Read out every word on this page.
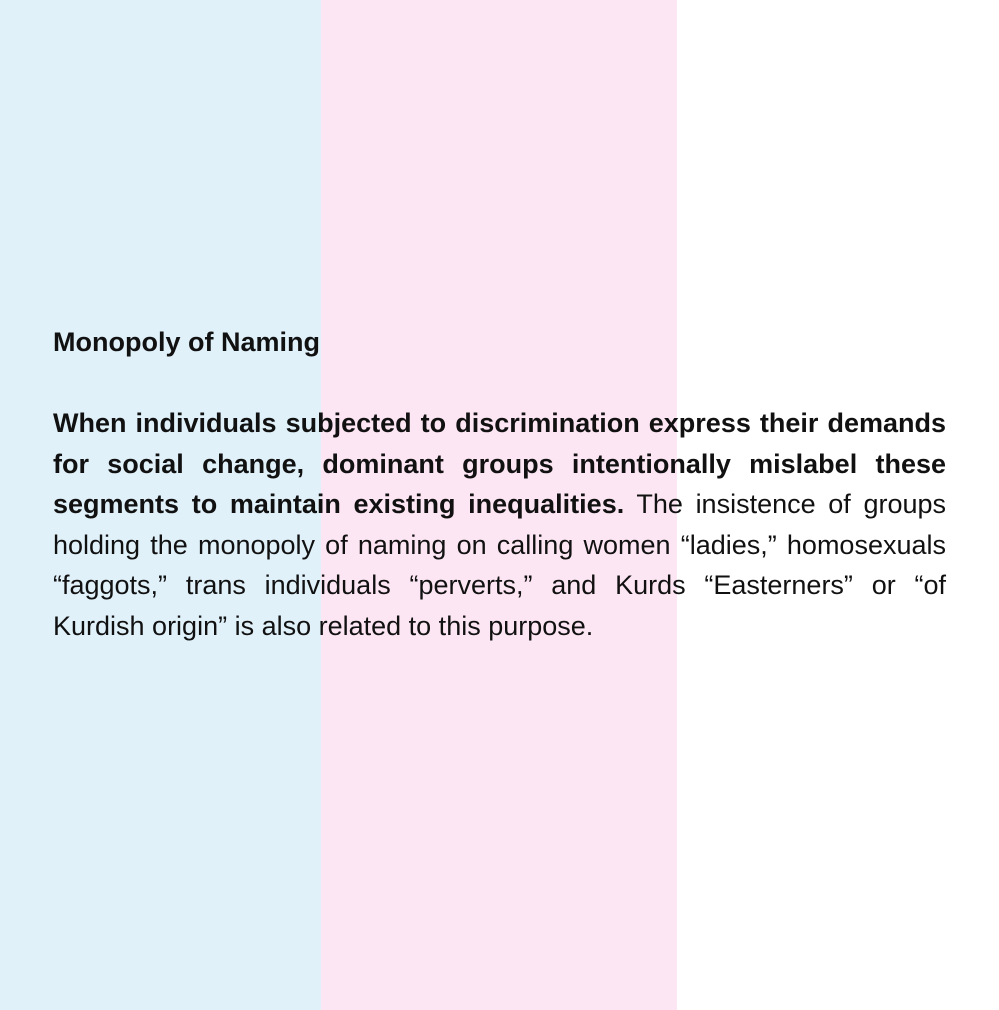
Monopoly of Naming

When individuals subjected to discrimination express their demands for social change, dominant groups intentionally mislabel these segments to maintain existing inequalities. The insistence of groups holding the monopoly of naming on calling women “ladies,” homosexuals “faggots,” trans individuals “perverts,” and Kurds “Easterners” or “of Kurdish origin” is also related to this purpose.
